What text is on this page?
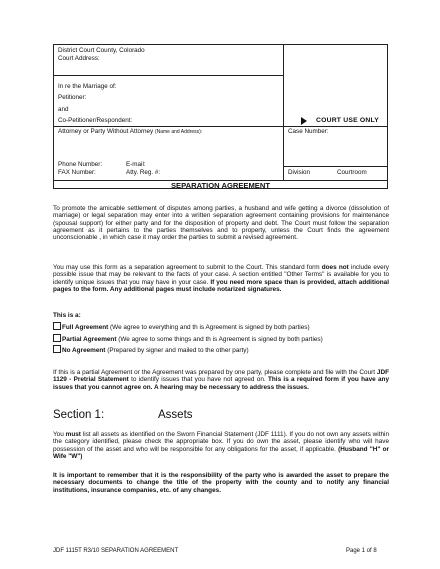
District Court County, Colorado
Court Address:
In re the Marriage of:
Petitioner:
and
Co-Petitioner/Respondent:	COURT USE ONLY
Attorney or Party Without Attorney (Name and Address):	Case Number:
Phone Number:	E-mail:
FAX Number:	Atty. Reg. #:	Division	Courtroom
SEPARATION AGREEMENT
To promote the amicable settlement of disputes among parties, a husband and wife getting a divorce (dissolution of marriage) or legal separation may enter into a written separation agreement containing provisions for maintenance (spousal support) for either party and for the disposition of property and debt. The Court must follow the separation agreement as it pertains to the parties themselves and to property, unless the Court finds the agreement unconscionable , in which case it may order the parties to submit a revised agreement.
You may use this form as a separation agreement to submit to the Court. This standard form does not include every possible issue that may be relevant to the facts of your case. A section entitled "Other Terms" is available for you to identify unique issues that you may have in your case. If you need more space than is provided, attach additional pages to the form. Any additional pages must include notarized signatures.
This is a:
Full Agreement (We agree to everything and th is Agreement is signed by both parties)
Partial Agreement (We agree to some things and th is Agreement is signed by both parties)
No Agreement (Prepared by signer and mailed to the other party)
If this is a partial Agreement or the Agreement was prepared by one party, please complete and file with the Court JDF 1129 - Pretrial Statement to identify issues that you have not agreed on. This is a required form if you have any issues that you cannot agree on. A hearing may be necessary to address the issues.
Section 1:	Assets
You must list all assets as identified on the Sworn Financial Statement (JDF 1111). If you do not own any assets within the category identified, please check the appropriate box. If you do own the asset, please identify who will have possession of the asset and who will be responsible for any obligations for the asset, if applicable. (Husband "H" or Wife "W")
It is important to remember that it is the responsibility of the party who is awarded the asset to prepare the necessary documents to change the title of the property with the county and to notify any financial institutions, insurance companies, etc. of any changes.
JDF 1115T R3/10 SEPARATION AGREEMENT	Page 1 of 8
